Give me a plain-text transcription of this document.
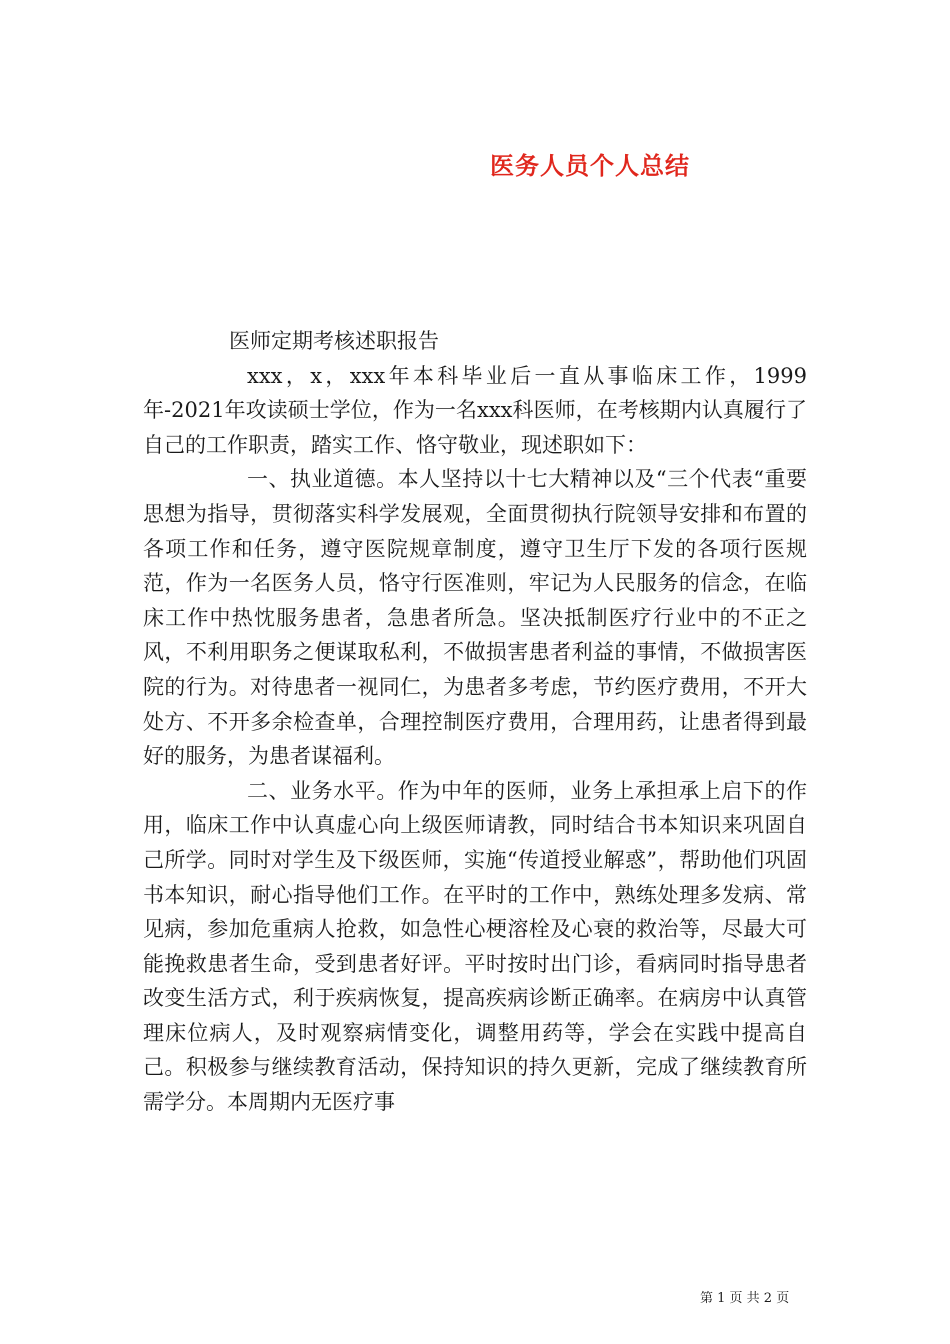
医务人员个人总结

医师定期考核述职报告

xxx，x，xxx年本科毕业后一直从事临床工作，1999年-2021年攻读硕士学位，作为一名xxx科医师，在考核期内认真履行了自己的工作职责，踏实工作、恪守敬业，现述职如下：

一、执业道德。本人坚持以十七大精神以及“三个代表“重要思想为指导，贯彻落实科学发展观，全面贯彻执行院领导安排和布置的各项工作和任务，遵守医院规章制度，遵守卫生厅下发的各项行医规范，作为一名医务人员，恪守行医准则，牢记为人民服务的信念，在临床工作中热忱服务患者，急患者所急。坚决抵制医疗行业中的不正之风，不利用职务之便谋取私利，不做损害患者利益的事情，不做损害医院的行为。对待患者一视同仁，为患者多考虑，节约医疗费用，不开大处方、不开多余检查单，合理控制医疗费用，合理用药，让患者得到最好的服务，为患者谋福利。

二、业务水平。作为中年的医师，业务上承担承上启下的作用，临床工作中认真虚心向上级医师请教，同时结合书本知识来巩固自己所学。同时对学生及下级医师，实施“传道授业解惑”，帮助他们巩固书本知识，耐心指导他们工作。在平时的工作中，熟练处理多发病、常见病，参加危重病人抢救，如急性心梗溶栓及心衰的救治等，尽最大可能挽救患者生命，受到患者好评。平时按时出门诊，看病同时指导患者改变生活方式，利于疾病恢复，提高疾病诊断正确率。在病房中认真管理床位病人，及时观察病情变化，调整用药等，学会在实践中提高自己。积极参与继续教育活动，保持知识的持久更新，完成了继续教育所需学分。本周期内无医疗事

第 1 页 共 2 页
